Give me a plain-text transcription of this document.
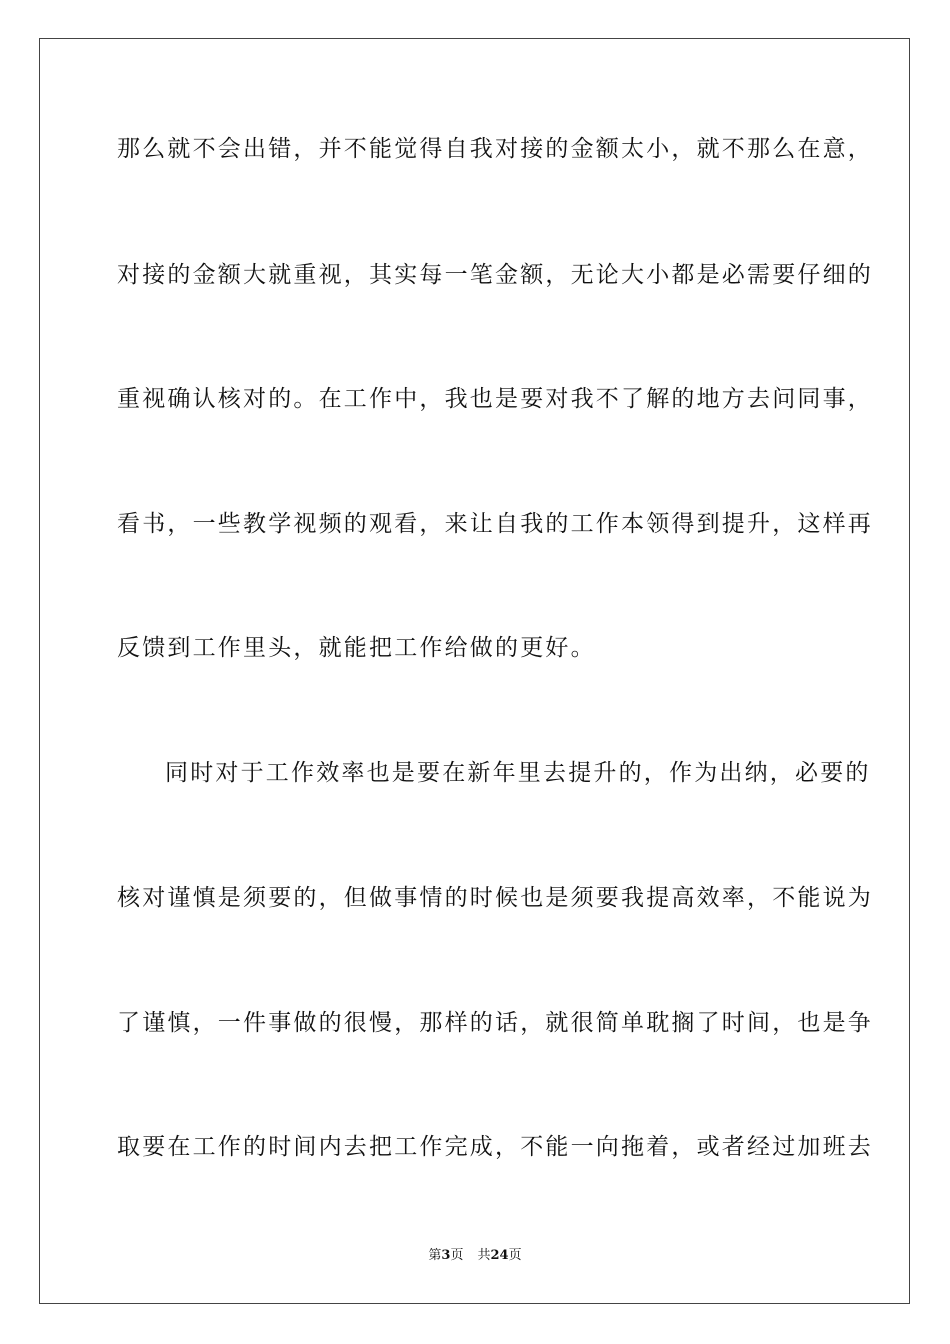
那么就不会出错，并不能觉得自我对接的金额太小，就不那么在意，
对接的金额大就重视，其实每一笔金额，无论大小都是必需要仔细的
重视确认核对的。在工作中，我也是要对我不了解的地方去问同事，
看书，一些教学视频的观看，来让自我的工作本领得到提升，这样再
反馈到工作里头，就能把工作给做的更好。
同时对于工作效率也是要在新年里去提升的，作为出纳，必要的
核对谨慎是须要的，但做事情的时候也是须要我提高效率，不能说为
了谨慎，一件事做的很慢，那样的话，就很简单耽搁了时间，也是争
取要在工作的时间内去把工作完成，不能一向拖着，或者经过加班去
第3页 共24页
